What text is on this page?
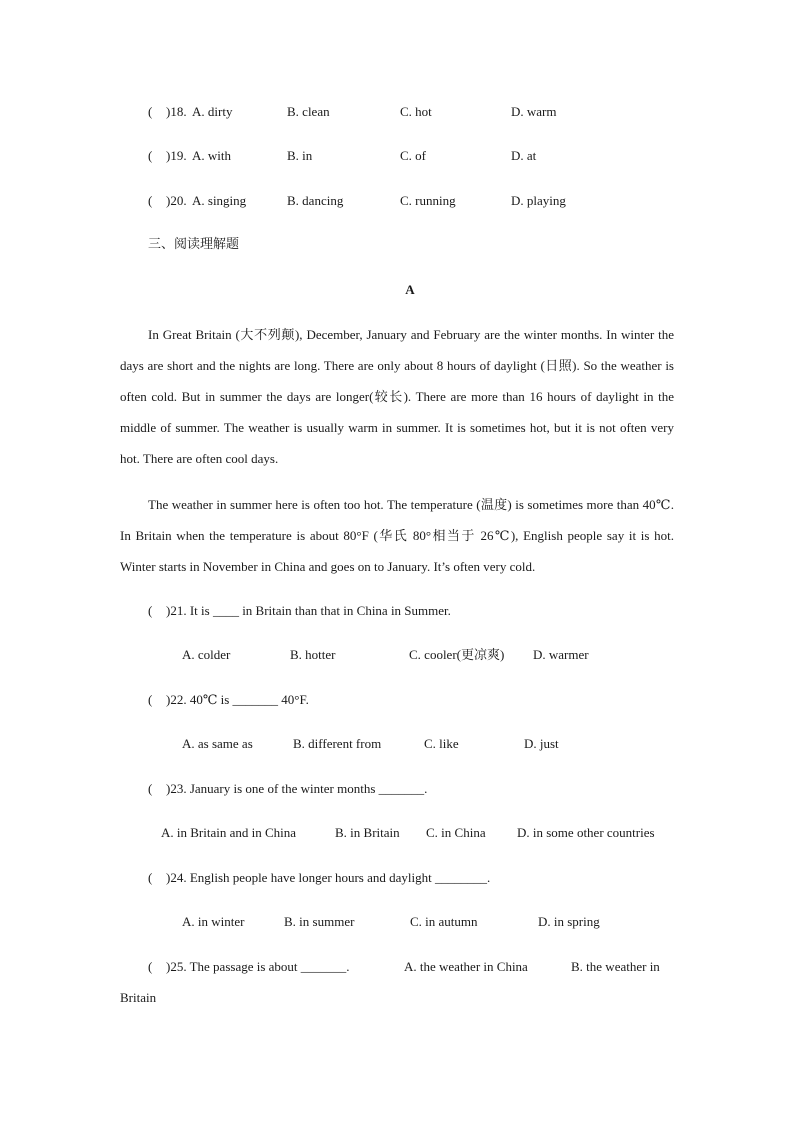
( )18. A. dirty	B. clean	C. hot	D. warm
( )19. A. with	B. in	C. of	D. at
( )20. A. singing	B. dancing	C. running	D. playing
三、阅读理解题
A
In Great Britain (大不列颠), December, January and February are the winter months. In winter the days are short and the nights are long. There are only about 8 hours of daylight (日照). So the weather is often cold. But in summer the days are longer(较长). There are more than 16 hours of daylight in the middle of summer. The weather is usually warm in summer. It is sometimes hot, but it is not often very hot. There are often cool days.
The weather in summer here is often too hot. The temperature (温度) is sometimes more than 40℃. In Britain when the temperature is about 80°F (华氏 80°相当于 26℃), English people say it is hot. Winter starts in November in China and goes on to January. It’s often very cold.
( )21. It is ____ in Britain than that in China in Summer.
A. colder	B. hotter	C. cooler(更凉爽) D. warmer
( )22. 40℃ is _______ 40°F.
A. as same as	B. different from	C. like	D. just
( )23. January is one of the winter months _______.
A. in Britain and in China	B. in Britain C. in China D. in some other countries
( )24. English people have longer hours and daylight ________.
A. in winter	B. in summer	C. in autumn	D. in spring
( )25. The passage is about _______.	A. the weather in China	B. the weather in
Britain
